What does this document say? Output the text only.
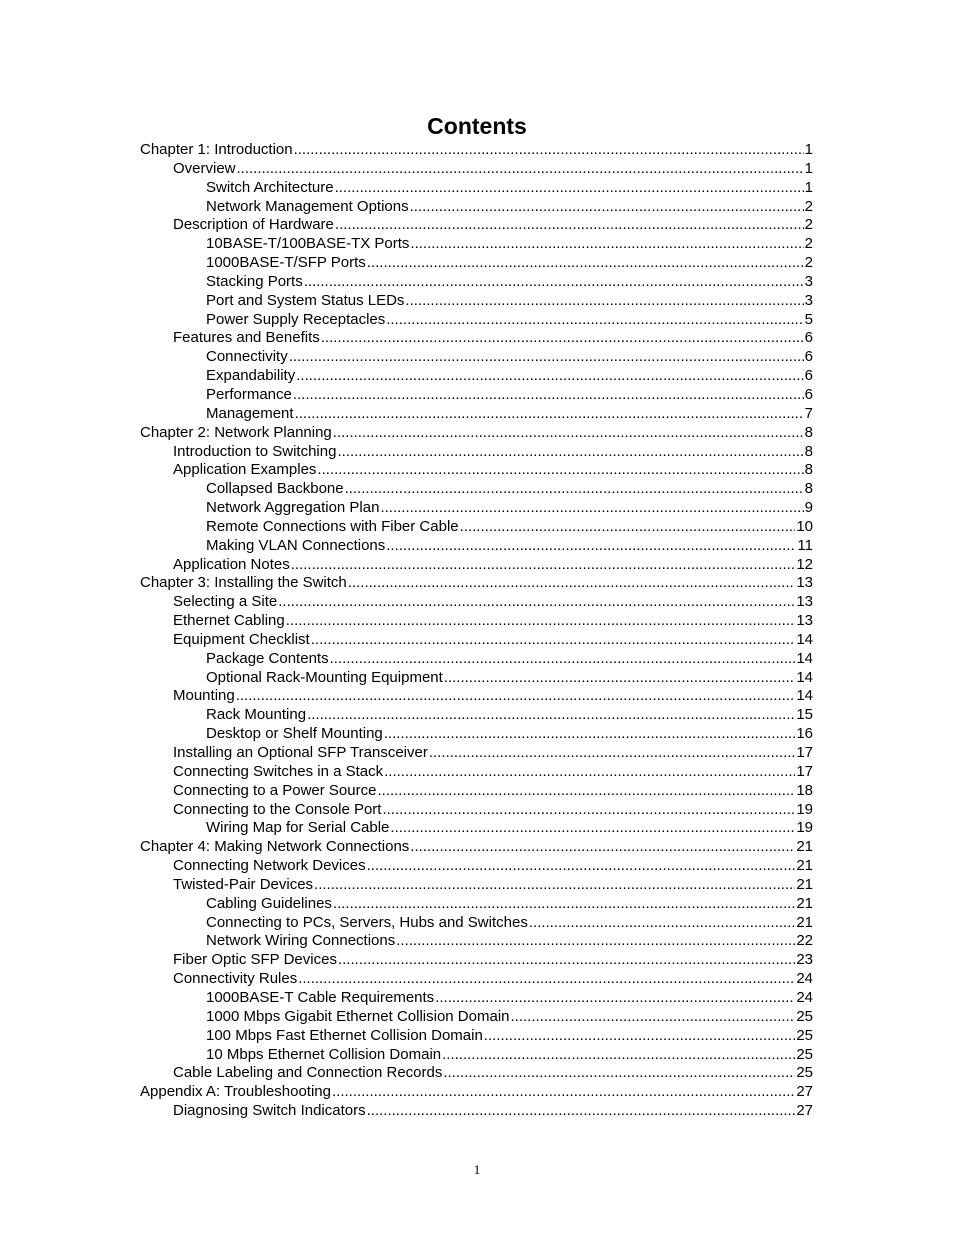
Contents
Chapter 1: Introduction .....	1
Overview .....	1
Switch Architecture .....	1
Network Management Options .....	2
Description of Hardware .....	2
10BASE-T/100BASE-TX Ports .....	2
1000BASE-T/SFP Ports .....	2
Stacking Ports .....	3
Port and System Status LEDs .....	3
Power Supply Receptacles .....	5
Features and Benefits .....	6
Connectivity .....	6
Expandability .....	6
Performance .....	6
Management .....	7
Chapter 2: Network Planning .....	8
Introduction to Switching .....	8
Application Examples .....	8
Collapsed Backbone .....	8
Network Aggregation Plan .....	9
Remote Connections with Fiber Cable .....	10
Making VLAN Connections .....	11
Application Notes .....	12
Chapter 3: Installing the Switch .....	13
Selecting a Site .....	13
Ethernet Cabling .....	13
Equipment Checklist .....	14
Package Contents .....	14
Optional Rack-Mounting Equipment .....	14
Mounting .....	14
Rack Mounting .....	15
Desktop or Shelf Mounting .....	16
Installing an Optional SFP Transceiver .....	17
Connecting Switches in a Stack .....	17
Connecting to a Power Source .....	18
Connecting to the Console Port .....	19
Wiring Map for Serial Cable .....	19
Chapter 4: Making Network Connections .....	21
Connecting Network Devices .....	21
Twisted-Pair Devices .....	21
Cabling Guidelines .....	21
Connecting to PCs, Servers, Hubs and Switches .....	21
Network Wiring Connections .....	22
Fiber Optic SFP Devices .....	23
Connectivity Rules .....	24
1000BASE-T Cable Requirements .....	24
1000 Mbps Gigabit Ethernet Collision Domain .....	25
100 Mbps Fast Ethernet Collision Domain .....	25
10 Mbps Ethernet Collision Domain .....	25
Cable Labeling and Connection Records .....	25
Appendix A: Troubleshooting .....	27
Diagnosing Switch Indicators .....	27
1
